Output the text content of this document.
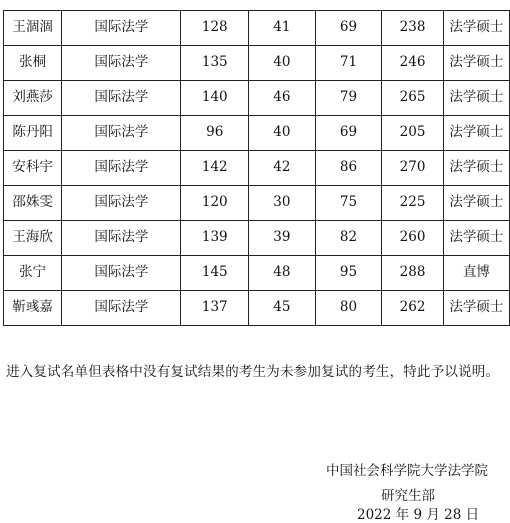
王涸涸	国际法学	128	41	69	238	法学硕士
张桐	国际法学	135	40	71	246	法学硕士
刘燕莎	国际法学	140	46	79	265	法学硕士
陈丹阳	国际法学	96	40	69	205	法学硕士
安科宇	国际法学	142	42	86	270	法学硕士
邵姝雯	国际法学	120	30	75	225	法学硕士
王海欣	国际法学	139	39	82	260	法学硕士
张宁	国际法学	145	48	95	288	直博
靳彧嘉	国际法学	137	45	80	262	法学硕士
进入复试名单但表格中没有复试结果的考生为未参加复试的考生，特此予以说明。
中国社会科学院大学法学院
研究生部
2022 年 9 月 28 日
